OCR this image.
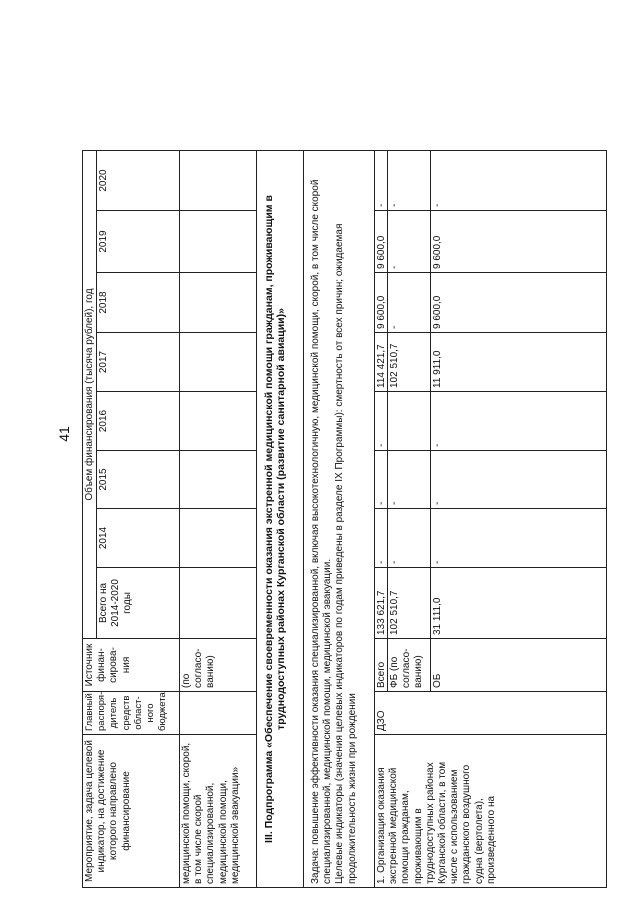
41
Мероприятие, задача целевой индикатор, на достижение которого направлено финансирование
Главный распоря-дитель средств област-ного бюджета
Источник финан-сирова-ния
Объем финансирования (тысяча рублей), год
Всего на 2014-2020 годы
2014
2015
2016
2017
2018
2019
2020
медицинской помощи, скорой, в том числе скорой специализированной, медицинской помощи, медицинской эвакуации»
(по согласо-ванию)	III. Подпрограмма «Обеспечение своевременности оказания экстренной медицинской помощи гражданам, проживающим в труднодоступных районах Курганской области (развитие санитарной авиации)»	Задача: повышение эффективности оказания специализированной, включая высокотехнологичную, медицинской помощи, скорой, в том числе скорой специализированной, медицинской помощи, медицинской эвакуации. Целевые индикаторы (значения целевых индикаторов по годам приведены в разделе IX Программы): смертность от всех причин; ожидаемая продолжительность жизни при рождении 1. Организация оказания экстренной медицинской помощи гражданам, проживающим в труднодоступных районах Курганской области, в том числе с использованием гражданского воздушного судна (вертолета), произведенного на
ДЗО
Всего
133 621,7
-
-
-
114 421,7
9 600,0
9 600,0
-
ФБ (по согласо-ванию)
102 510,7
-
-
102 510,7
-
-
-
ОБ
31 111,0
-
-
-
11 911,0
9 600,0
9 600,0
-
